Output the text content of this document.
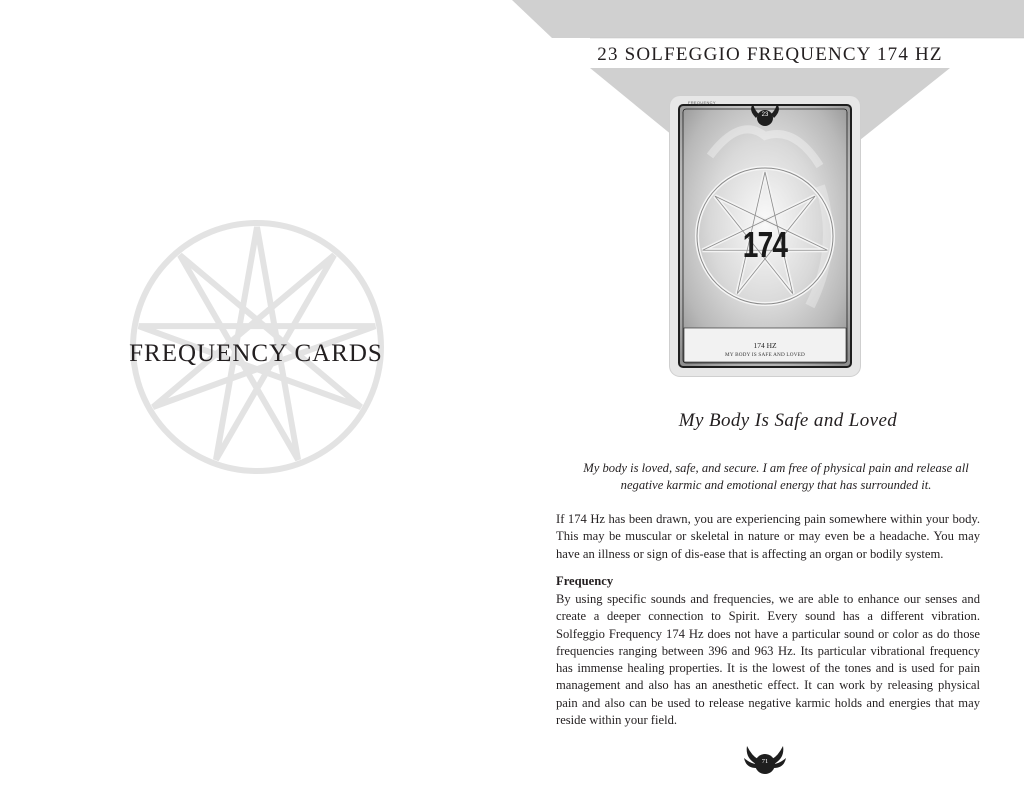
FREQUENCY CARDS
23 SOLFEGGIO FREQUENCY 174 HZ
FREQUENCY
23
174
174 HZ
MY BODY IS SAFE AND LOVED
My Body Is Safe and Loved

My body is loved, safe, and secure. I am free of physical pain and release all negative karmic and emotional energy that has surrounded it.

If 174 Hz has been drawn, you are experiencing pain somewhere within your body. This may be muscular or skeletal in nature or may even be a headache. You may have an illness or sign of dis-ease that is affecting an organ or bodily system.

Frequency

By using specific sounds and frequencies, we are able to enhance our senses and create a deeper connection to Spirit. Every sound has a different vibration. Solfeggio Frequency 174 Hz does not have a particular sound or color as do those frequencies ranging between 396 and 963 Hz. Its particular vibrational frequency has immense healing properties. It is the lowest of the tones and is used for pain management and also has an anesthetic effect. It can work by releasing physical pain and also can be used to release negative karmic holds and energies that may reside within your field.

71
